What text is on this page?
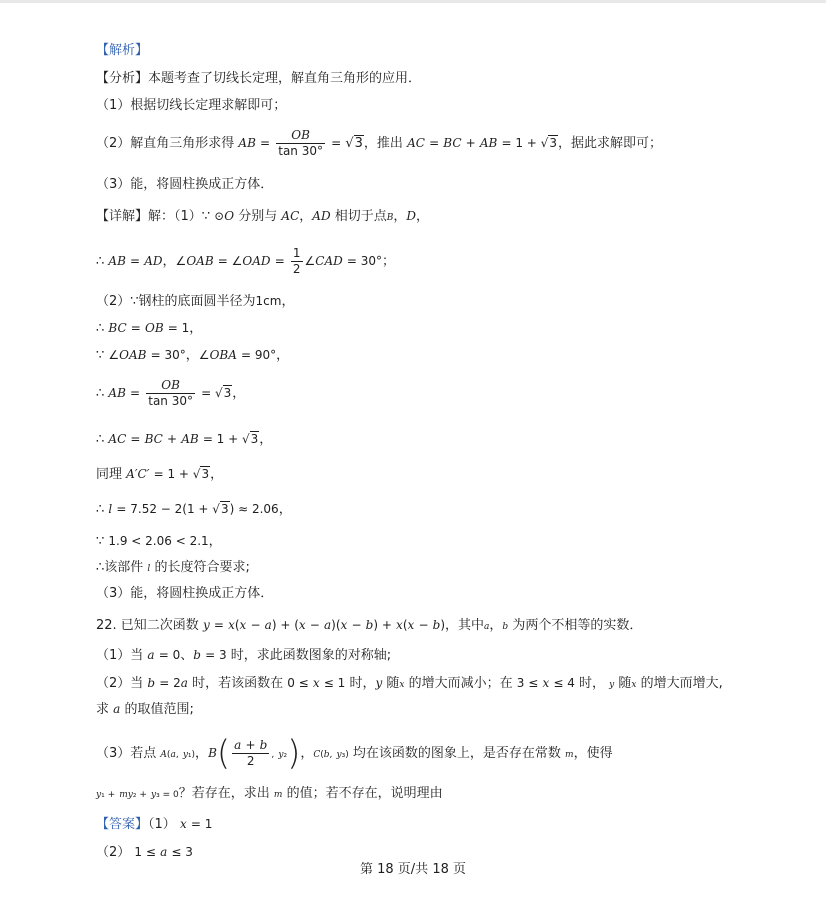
【解析】
【分析】本题考查了切线长定理，解直角三角形的应用．
（1）根据切线长定理求解即可；
（2）解直角三角形求得 AB = $\frac{OB}{\tan 30^\circ} = √3$，推出 AC = BC + AB = 1 + √3，据此求解即可；
（3）能，将圆柱换成正方体．
【详解】解：（1）∵ ⊙O 分别与 AC，AD 相切于点B，D，
∴ AB = AD，∠OAB = ∠OAD = $\frac{1}{2}$ ∠CAD = 30°；
（2）∵钢柱的底面圆半径为1cm，
∴ BC = OB = 1，
∵ ∠OAB = 30°，∠OBA = 90°，
∴ AB = $\frac{OB}{\tan 30^\circ} = √3$，
∴ AC = BC + AB = 1 + √3，
同理 A′C′ = 1 + √3，
∴ l = 7.52 − 2(1 + √3) ≈ 2.06，
∵ 1.9 < 2.06 < 2.1，
∴该部件 l 的长度符合要求;
（3）能，将圆柱换成正方体．
22. 已知二次函数 y = x(x − a) + (x − a)(x − b) + x(x − b)，其中a，b 为两个不相等的实数．
（1）当 a = 0、b = 3 时，求此函数图象的对称轴;
（2）当 b = 2a 时，若该函数在 0 ≤ x ≤ 1 时，y 随x 的增大而减小；在 3 ≤ x ≤ 4 时， y 随x 的增大而增大,
求 a 的取值范围;
（3）若点 A(a, y₁)，$B( \frac{a + b}{2}$ , y₂)，C(b, y₃) 均在该函数的图象上，是否存在常数 m，使得
y₁ + my₂ + y₃ = 0？若存在，求出 m 的值；若不存在，说明理由
【答案】（1） x = 1
（2） 1 ≤ a ≤ 3
第 18 页/共 18 页
